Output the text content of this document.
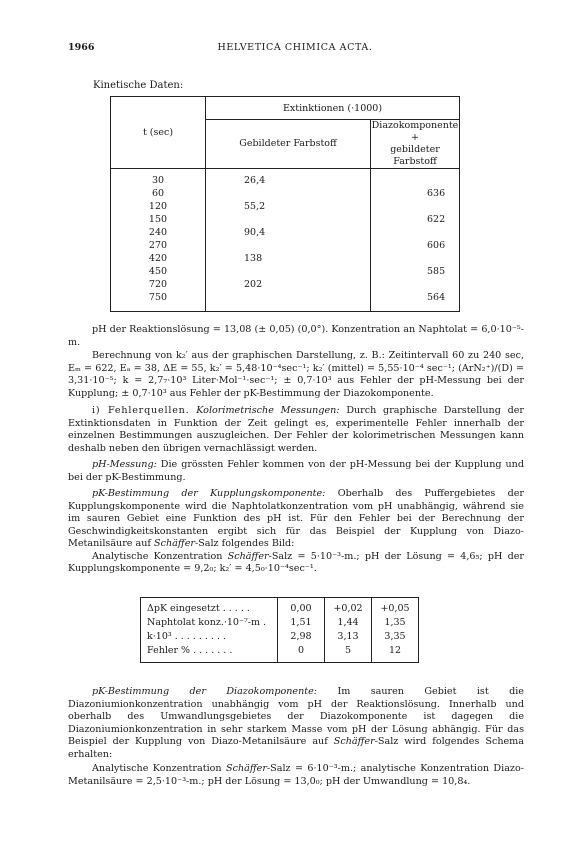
1966	HELVETICA CHIMICA ACTA.
Kinetische Daten:
t (sec)	Extinktionen (·1000)	
	Gebildeter Farbstoff	Diazokomponente +
gebildeter Farbstoff
30	26,4	
60		636
120	55,2	
150		622
240	90,4	
270		606
420	138	
450		585
720	202	
750		564

pH der Reaktionslösung = 13,08 (± 0,05) (0,0°). Konzentration an Naphtolat = 6,0·10⁻⁵-m.

Berechnung von k₂′ aus der graphischen Darstellung, z. B.: Zeitintervall 60 zu 240 sec, Eₘ = 622, Eₐ = 38, ΔE = 55, k₂′ = 5,48·10⁻⁴sec⁻¹; k₂′ (mittel) = 5,55·10⁻⁴ sec⁻¹; (ArN₂⁺)/(D) = 3,31·10⁻⁵; k = 2,7₇·10³ Liter·Mol⁻¹·sec⁻¹; ± 0,7·10³ aus Fehler der pH-Messung bei der Kupplung; ± 0,7·10³ aus Fehler der pK-Bestimmung der Diazokomponente.

i) Fehlerquellen. Kolorimetrische Messungen: Durch graphische Darstellung der Extinktionsdaten in Funktion der Zeit gelingt es, experimentelle Fehler innerhalb der einzelnen Bestimmungen auszugleichen. Der Fehler der kolorimetrischen Messungen kann deshalb neben den übrigen vernachlässigt werden.

pH-Messung: Die grössten Fehler kommen von der pH-Messung bei der Kupplung und bei der pK-Bestimmung.

pK-Bestimmung der Kupplungskomponente: Oberhalb des Puffergebietes der Kupplungskomponente wird die Naphtolatkonzentration vom pH unabhängig, während sie im sauren Gebiet eine Funktion des pH ist. Für den Fehler bei der Berechnung der Geschwindigkeitskonstanten ergibt sich für das Beispiel der Kupplung von Diazo-Metanilsäure auf Schäffer-Salz folgendes Bild:

Analytische Konzentration Schäffer-Salz = 5·10⁻³-m.; pH der Lösung = 4,6₅; pH der Kupplungskomponente = 9,2₀; k₂′ = 4,5₀·10⁻⁴sec⁻¹.

ΔpK eingesetzt . . . . .	0,00	+0,02	+0,05
Naphtolat konz.·10⁻⁷-m .	1,51	1,44	1,35
k·10³ . . . . . . . . .	2,98	3,13	3,35
Fehler % . . . . . . .	0	5	12

pK-Bestimmung der Diazokomponente: Im sauren Gebiet ist die Diazoniumionkonzentration unabhängig vom pH der Reaktionslösung. Innerhalb und oberhalb des Umwandlungsgebietes der Diazokomponente ist dagegen die Diazoniumionkonzentration in sehr starkem Masse vom pH der Lösung abhängig. Für das Beispiel der Kupplung von Diazo-Metanilsäure auf Schäffer-Salz wird folgendes Schema erhalten:

Analytische Konzentration Schäffer-Salz = 6·10⁻³-m.; analytische Konzentration Diazo-Metanilsäure = 2,5·10⁻³-m.; pH der Lösung = 13,0₀; pH der Umwandlung = 10,8₄.
